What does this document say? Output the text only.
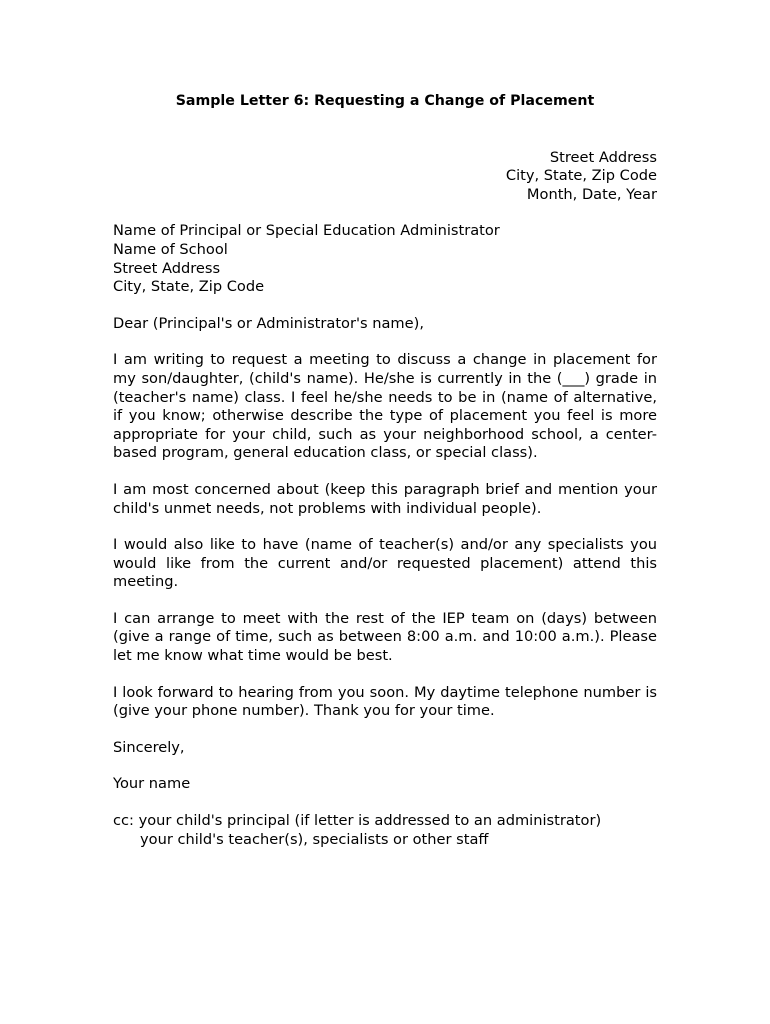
Sample Letter 6: Requesting a Change of Placement
Street Address
City, State, Zip Code
Month, Date, Year
Name of Principal or Special Education Administrator
Name of School
Street Address
City, State, Zip Code

Dear (Principal's or Administrator's name),

I am writing to request a meeting to discuss a change in placement for my son/daughter, (child's name). He/she is currently in the (___) grade in (teacher's name) class. I feel he/she needs to be in (name of alternative, if you know; otherwise describe the type of placement you feel is more appropriate for your child, such as your neighborhood school, a center-based program, general education class, or special class).

I am most concerned about (keep this paragraph brief and mention your child's unmet needs, not problems with individual people).

I would also like to have (name of teacher(s) and/or any specialists you would like from the current and/or requested placement) attend this meeting.

I can arrange to meet with the rest of the IEP team on (days) between (give a range of time, such as between 8:00 a.m. and 10:00 a.m.). Please let me know what time would be best.

I look forward to hearing from you soon. My daytime telephone number is (give your phone number). Thank you for your time.

Sincerely,

Your name

cc: your child's principal (if letter is addressed to an administrator)
your child's teacher(s), specialists or other staff
